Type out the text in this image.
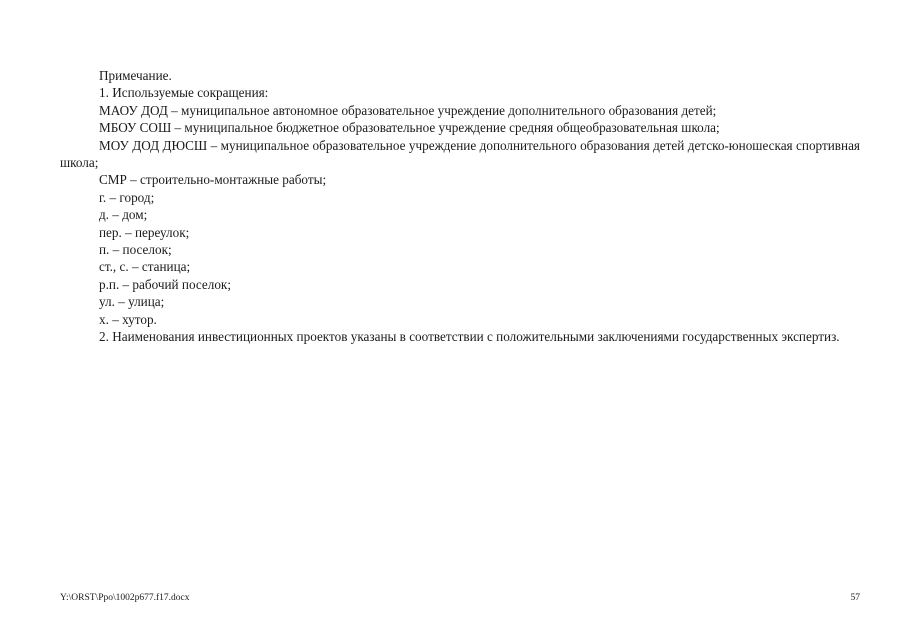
Примечание.

1. Используемые сокращения:

МАОУ ДОД – муниципальное автономное образовательное учреждение дополнительного образования детей;

МБОУ СОШ – муниципальное бюджетное образовательное учреждение средняя общеобразовательная школа;

МОУ ДОД ДЮСШ – муниципальное образовательное учреждение дополнительного образования детей детско-юношеская спортивная школа;

СМР – строительно-монтажные работы;

г. – город;

д. – дом;

пер. – переулок;

п. – поселок;

ст., с. – станица;

р.п. – рабочий поселок;

ул. – улица;

х. – хутор.

2. Наименования инвестиционных проектов указаны в соответствии с положительными заключениями государственных экспертиз.

Y:\ORST\Ppo\1002p677.f17.docx	57
